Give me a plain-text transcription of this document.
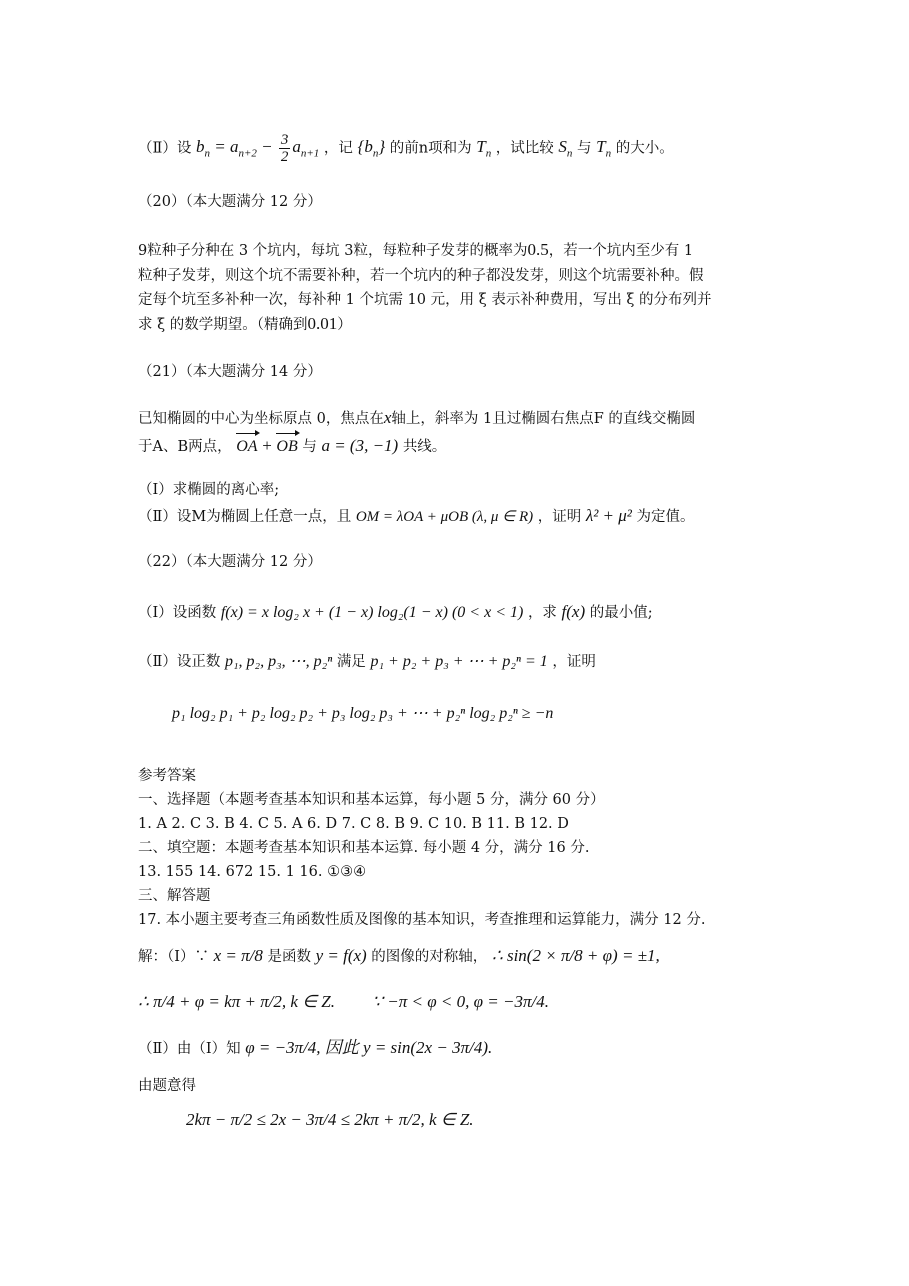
（Ⅱ）设 $b_n = a_{n+2} - \frac{3}{2} a_{n+1}$ ，记 $\{b_n\}$ 的前n项和为 $T_n$ ，试比较 $S_n$ 与 $T_n$ 的大小。
（20）（本大题满分 12 分）
9粒种子分种在 3 个坑内，每坑 3粒，每粒种子发芽的概率为0.5，若一个坑内至少有 1
粒种子发芽，则这个坑不需要补种，若一个坑内的种子都没发芽，则这个坑需要补种。假
定每个坑至多补种一次，每补种 1 个坑需 10 元，用 ξ 表示补种费用，写出 ξ 的分布列并
求 ξ 的数学期望。（精确到0.01）
（21）（本大题满分 14 分）
已知椭圆的中心为坐标原点 0，焦点在x轴上，斜率为 1且过椭圆右焦点F 的直线交椭圆
于A、B两点， OA + OB 与 a = (3, −1) 共线。
（Ⅰ）求椭圆的离心率;
（Ⅱ）设M为椭圆上任意一点，且 OM = λOA + μOB (λ, μ ∈ R) ，证明 λ² + μ² 为定值。
（22）（本大题满分 12 分）
（Ⅰ）设函数 f(x) = x log₂ x + (1 − x) log₂(1 − x) (0 < x < 1) ，求 f(x) 的最小值;
（Ⅱ）设正数 p₁, p₂, p₃, ⋯, p₂ⁿ 满足 p₁ + p₂ + p₃ + ⋯ + p₂ⁿ = 1 ，证明
p₁ log₂ p₁ + p₂ log₂ p₂ + p₃ log₂ p₃ + ⋯ + p₂ⁿ log₂ p₂ⁿ ≥ −n
参考答案
一、选择题（本题考查基本知识和基本运算，每小题 5 分，满分 60 分）
1. A 2. C 3. B 4. C 5. A 6. D 7. C 8. B 9. C 10. B 11. B 12. D
二、填空题：本题考查基本知识和基本运算. 每小题 4 分，满分 16 分.
13. 155 14. 672 15. 1 16. ①③④
三、解答题
17. 本小题主要考查三角函数性质及图像的基本知识，考查推理和运算能力，满分 12 分.
解：（Ⅰ）∵ x = π/8 是函数 y = f(x) 的图像的对称轴， ∴ sin(2 × π/8 + φ) = ±1,
∴ π/4 + φ = kπ + π/2, k ∈ Z. ∵ −π < φ < 0, φ = −3π/4.
（Ⅱ）由（Ⅰ）知 φ = −3π/4, 因此 y = sin(2x − 3π/4).
由题意得
2kπ − π/2 ≤ 2x − 3π/4 ≤ 2kπ + π/2, k ∈ Z.
